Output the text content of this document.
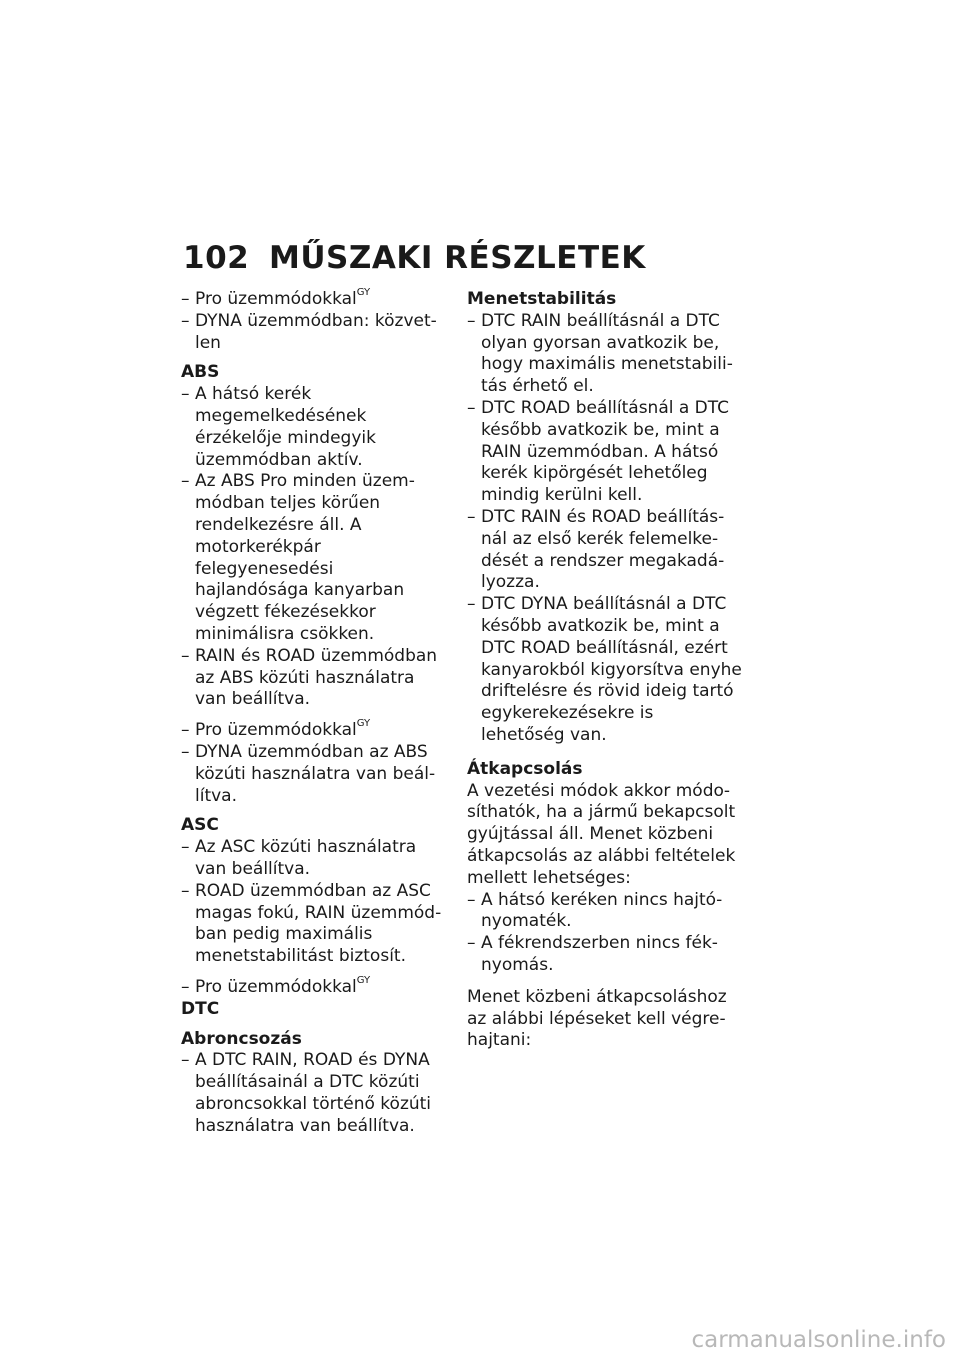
102 MŰSZAKI RÉSZLETEK
– Pro üzemmódokkal$^{GY}$
– DYNA üzemmódban: közvetlen
ABS
– A hátsó kerék megemelkedésének érzékelője mindegyik üzemmódban aktív.
– Az ABS Pro minden üzemmódban teljes körűen rendelkezésre áll. A motorkerékpár felegyenesedési hajlandósága kanyarban végzett fékezésekkor minimálisra csökken.
– RAIN és ROAD üzemmódban az ABS közúti használatra van beállítva.
– Pro üzemmódokkal$^{GY}$
– DYNA üzemmódban az ABS közúti használatra van beállítva.
ASC
– Az ASC közúti használatra van beállítva.
– ROAD üzemmódban az ASC magas fokú, RAIN üzemmódban pedig maximális menetstabilitást biztosít.
– Pro üzemmódokkal$^{GY}$
DTC
Abroncsozás
– A DTC RAIN, ROAD és DYNA beállításainál a DTC közúti abroncsokkal történő közúti használatra van beállítva.
Menetstabilitás
– DTC RAIN beállításnál a DTC olyan gyorsan avatkozik be, hogy maximális menetstabilitás érhető el.
– DTC ROAD beállításnál a DTC később avatkozik be, mint a RAIN üzemmódban. A hátsó kerék kipörgését lehetőleg mindig kerülni kell.
– DTC RAIN és ROAD beállításnál az első kerék felemelkedését a rendszer megakadályozza.
– DTC DYNA beállításnál a DTC később avatkozik be, mint a DTC ROAD beállításnál, ezért kanyarokból kigyorsítva enyhe driftelésre és rövid ideig tartó egykerekezésekre is lehetőség van.
Átkapcsolás
A vezetési módok akkor módosíthatók, ha a jármű bekapcsolt gyújtással áll. Menet közbeni átkapcsolás az alábbi feltételek mellett lehetséges:
– A hátsó keréken nincs hajtónyomaték.
– A fékrendszerben nincs féknyomás.
Menet közbeni átkapcsoláshoz az alábbi lépéseket kell végrehajtani:
carmanualsonline.info
